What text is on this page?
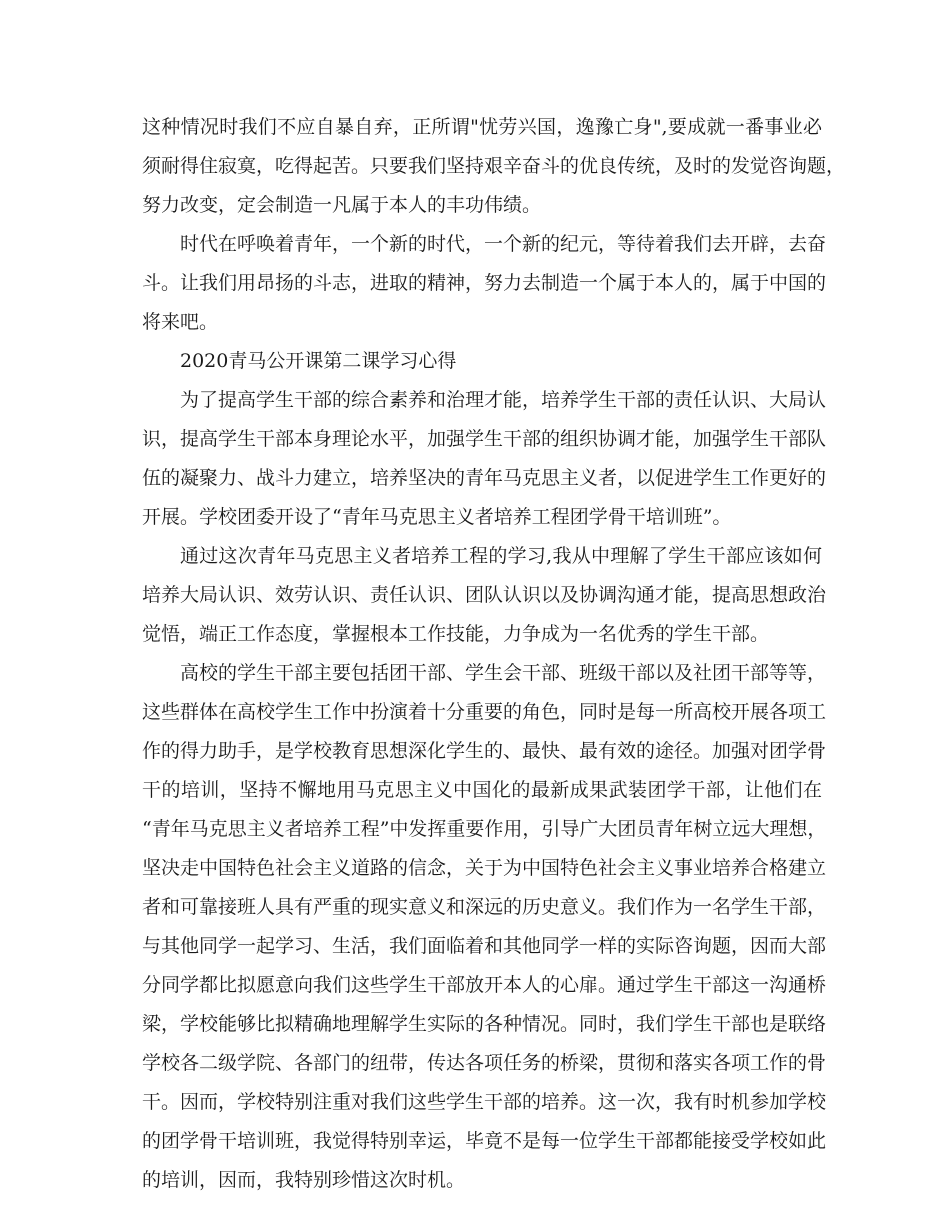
这种情况时我们不应自暴自弃，正所谓"忧劳兴国，逸豫亡身",要成就一番事业必
须耐得住寂寞，吃得起苦。只要我们坚持艰辛奋斗的优良传统，及时的发觉咨询题，
努力改变，定会制造一凡属于本人的丰功伟绩。
时代在呼唤着青年，一个新的时代，一个新的纪元，等待着我们去开辟，去奋
斗。让我们用昂扬的斗志，进取的精神，努力去制造一个属于本人的，属于中国的
将来吧。
2020青马公开课第二课学习心得
为了提高学生干部的综合素养和治理才能，培养学生干部的责任认识、大局认
识，提高学生干部本身理论水平，加强学生干部的组织协调才能，加强学生干部队
伍的凝聚力、战斗力建立，培养坚决的青年马克思主义者，以促进学生工作更好的
开展。学校团委开设了“青年马克思主义者培养工程团学骨干培训班”。
通过这次青年马克思主义者培养工程的学习,我从中理解了学生干部应该如何
培养大局认识、效劳认识、责任认识、团队认识以及协调沟通才能，提高思想政治
觉悟，端正工作态度，掌握根本工作技能，力争成为一名优秀的学生干部。
高校的学生干部主要包括团干部、学生会干部、班级干部以及社团干部等等，
这些群体在高校学生工作中扮演着十分重要的角色，同时是每一所高校开展各项工
作的得力助手，是学校教育思想深化学生的、最快、最有效的途径。加强对团学骨
干的培训，坚持不懈地用马克思主义中国化的最新成果武装团学干部，让他们在
“青年马克思主义者培养工程”中发挥重要作用，引导广大团员青年树立远大理想，
坚决走中国特色社会主义道路的信念，关于为中国特色社会主义事业培养合格建立
者和可靠接班人具有严重的现实意义和深远的历史意义。我们作为一名学生干部，
与其他同学一起学习、生活，我们面临着和其他同学一样的实际咨询题，因而大部
分同学都比拟愿意向我们这些学生干部放开本人的心扉。通过学生干部这一沟通桥
梁，学校能够比拟精确地理解学生实际的各种情况。同时，我们学生干部也是联络
学校各二级学院、各部门的纽带，传达各项任务的桥梁，贯彻和落实各项工作的骨
干。因而，学校特别注重对我们这些学生干部的培养。这一次，我有时机参加学校
的团学骨干培训班，我觉得特别幸运，毕竟不是每一位学生干部都能接受学校如此
的培训，因而，我特别珍惜这次时机。
